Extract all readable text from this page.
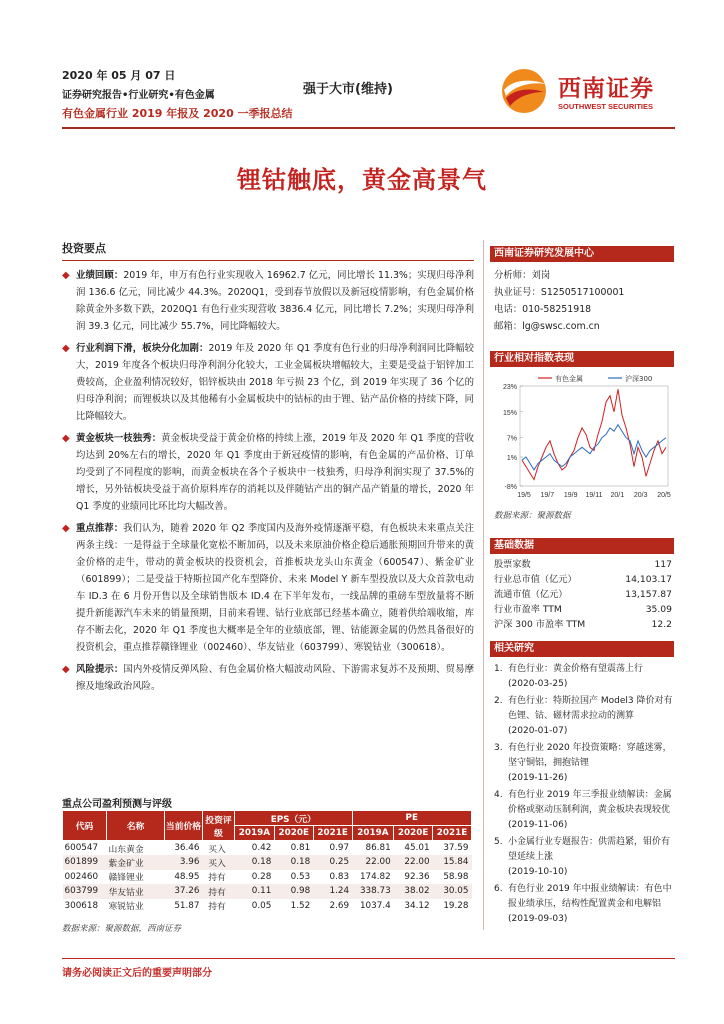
2020 年 05 月 07 日
证券研究报告•行业研究•有色金属
有色金属行业 2019 年报及 2020 一季报总结
强于大市(维持)	西南证券
SOUTHWEST SECURITIES
锂钴触底，黄金高景气
投资要点
◆ 业绩回顾：2019 年，申万有色行业实现收入 16962.7 亿元，同比增长 11.3%；实现归母净利润 136.6 亿元，同比减少 44.3%。2020Q1，受到春节放假以及新冠疫情影响，有色金属价格除黄金外多数下跌，2020Q1 有色行业实现营收 3836.4 亿元，同比增长 7.2%；实现归母净利润 39.3 亿元，同比减少 55.7%，同比降幅较大。
◆ 行业利润下滑，板块分化加剧：2019 年及 2020 年 Q1 季度有色行业的归母净利润同比降幅较大，2019 年度各个板块归母净利润分化较大，工业金属板块增幅较大，主要是受益于铝锌加工费较高，企业盈利情况较好，铝锌板块由 2018 年亏损 23 个亿，到 2019 年实现了 36 个亿的归母净利润；而锂板块以及其他稀有小金属板块中的钴标的由于锂、钴产品价格的持续下降，同比降幅较大。
◆ 黄金板块一枝独秀：黄金板块受益于黄金价格的持续上涨，2019 年及 2020 年 Q1 季度的营收均达到 20%左右的增长，2020 年 Q1 季度由于新冠疫情的影响，有色金属的产品价格、订单均受到了不同程度的影响，而黄金板块在各个子板块中一枝独秀，归母净利润实现了 37.5%的增长，另外钴板块受益于高价原料库存的消耗以及伴随钴产出的铜产品产销量的增长，2020 年 Q1 季度的业绩同比环比均大幅改善。
◆ 重点推荐：我们认为，随着 2020 年 Q2 季度国内及海外疫情逐渐平稳，有色板块未来重点关注两条主线：一是得益于全球量化宽松不断加码，以及未来原油价格企稳后通胀预期回升带来的黄金价格的走牛，带动的黄金板块的投资机会，首推板块龙头山东黄金（600547）、紫金矿业（601899）；二是受益于特斯拉国产化车型降价、未来 Model Y 新车型投放以及大众首款电动车 ID.3 在 6 月份开售以及全球销售版本 ID.4 在下半年发布，一线品牌的重磅车型放量将不断提升新能源汽车未来的销量预期，目前来看锂、钴行业底部已经基本确立，随着供给端收缩，库存不断去化，2020 年 Q1 季度也大概率是全年的业绩底部，锂、钴能源金属的仍然具备很好的投资机会，重点推荐赣锋锂业（002460）、华友钴业（603799）、寒锐钴业（300618）。
◆ 风险提示：国内外疫情反弹风险、有色金属价格大幅波动风险、下游需求复苏不及预期、贸易摩擦及地缘政治风险。
重点公司盈利预测与评级
代码	名称	当前价格	投资评级	EPS（元）			PE		
				2019A	2020E	2021E	2019A	2020E	2021E
600547	山东黄金	36.46	买入	0.42	0.81	0.97	86.81	45.01	37.59
601899	紫金矿业	3.96	买入	0.18	0.18	0.25	22.00	22.00	15.84
002460	赣锋锂业	48.95	持有	0.28	0.53	0.83	174.82	92.36	58.98
603799	华友钴业	37.26	持有	0.11	0.98	1.24	338.73	38.02	30.05
300618	寒锐钴业	51.87	持有	0.05	1.52	2.69	1037.4	34.12	19.28
数据来源：聚源数据，西南证券
西南证券研究发展中心
分析师：刘岗
执业证号：S1250517100001
电话：010-58251918
邮箱：lg@swsc.com.cn
行业相对指数表现
23%
15%
7%
1%
-8%
19/5 19/7 19/9 19/11 20/1 20/3 20/5
有色金属	沪深300
数据来源：聚源数据
基础数据
股票家数	117
行业总市值（亿元）	14,103.17
流通市值（亿元）	13,157.87
行业市盈率 TTM	35.09
沪深 300 市盈率 TTM	12.2
相关研究
1. 有色行业：黄金价格有望震荡上行
(2020-03-25)
2. 有色行业：特斯拉国产 Model3 降价对有色锂、钴、磁材需求拉动的测算
(2020-01-07)
3. 有色行业 2020 年投资策略：穿越迷雾，坚守铜铝，拥抱钴锂
(2019-11-26)
4. 有色行业 2019 年三季报业绩解读：金属价格或驱动压制利润，黄金板块表现较优
(2019-11-06)
5. 小金属行业专题报告：供需趋紧，钼价有望延续上涨
(2019-10-10)
6. 有色行业 2019 年中报业绩解读：有色中报业绩承压，结构性配置黄金和电解铝
(2019-09-03)
请务必阅读正文后的重要声明部分
